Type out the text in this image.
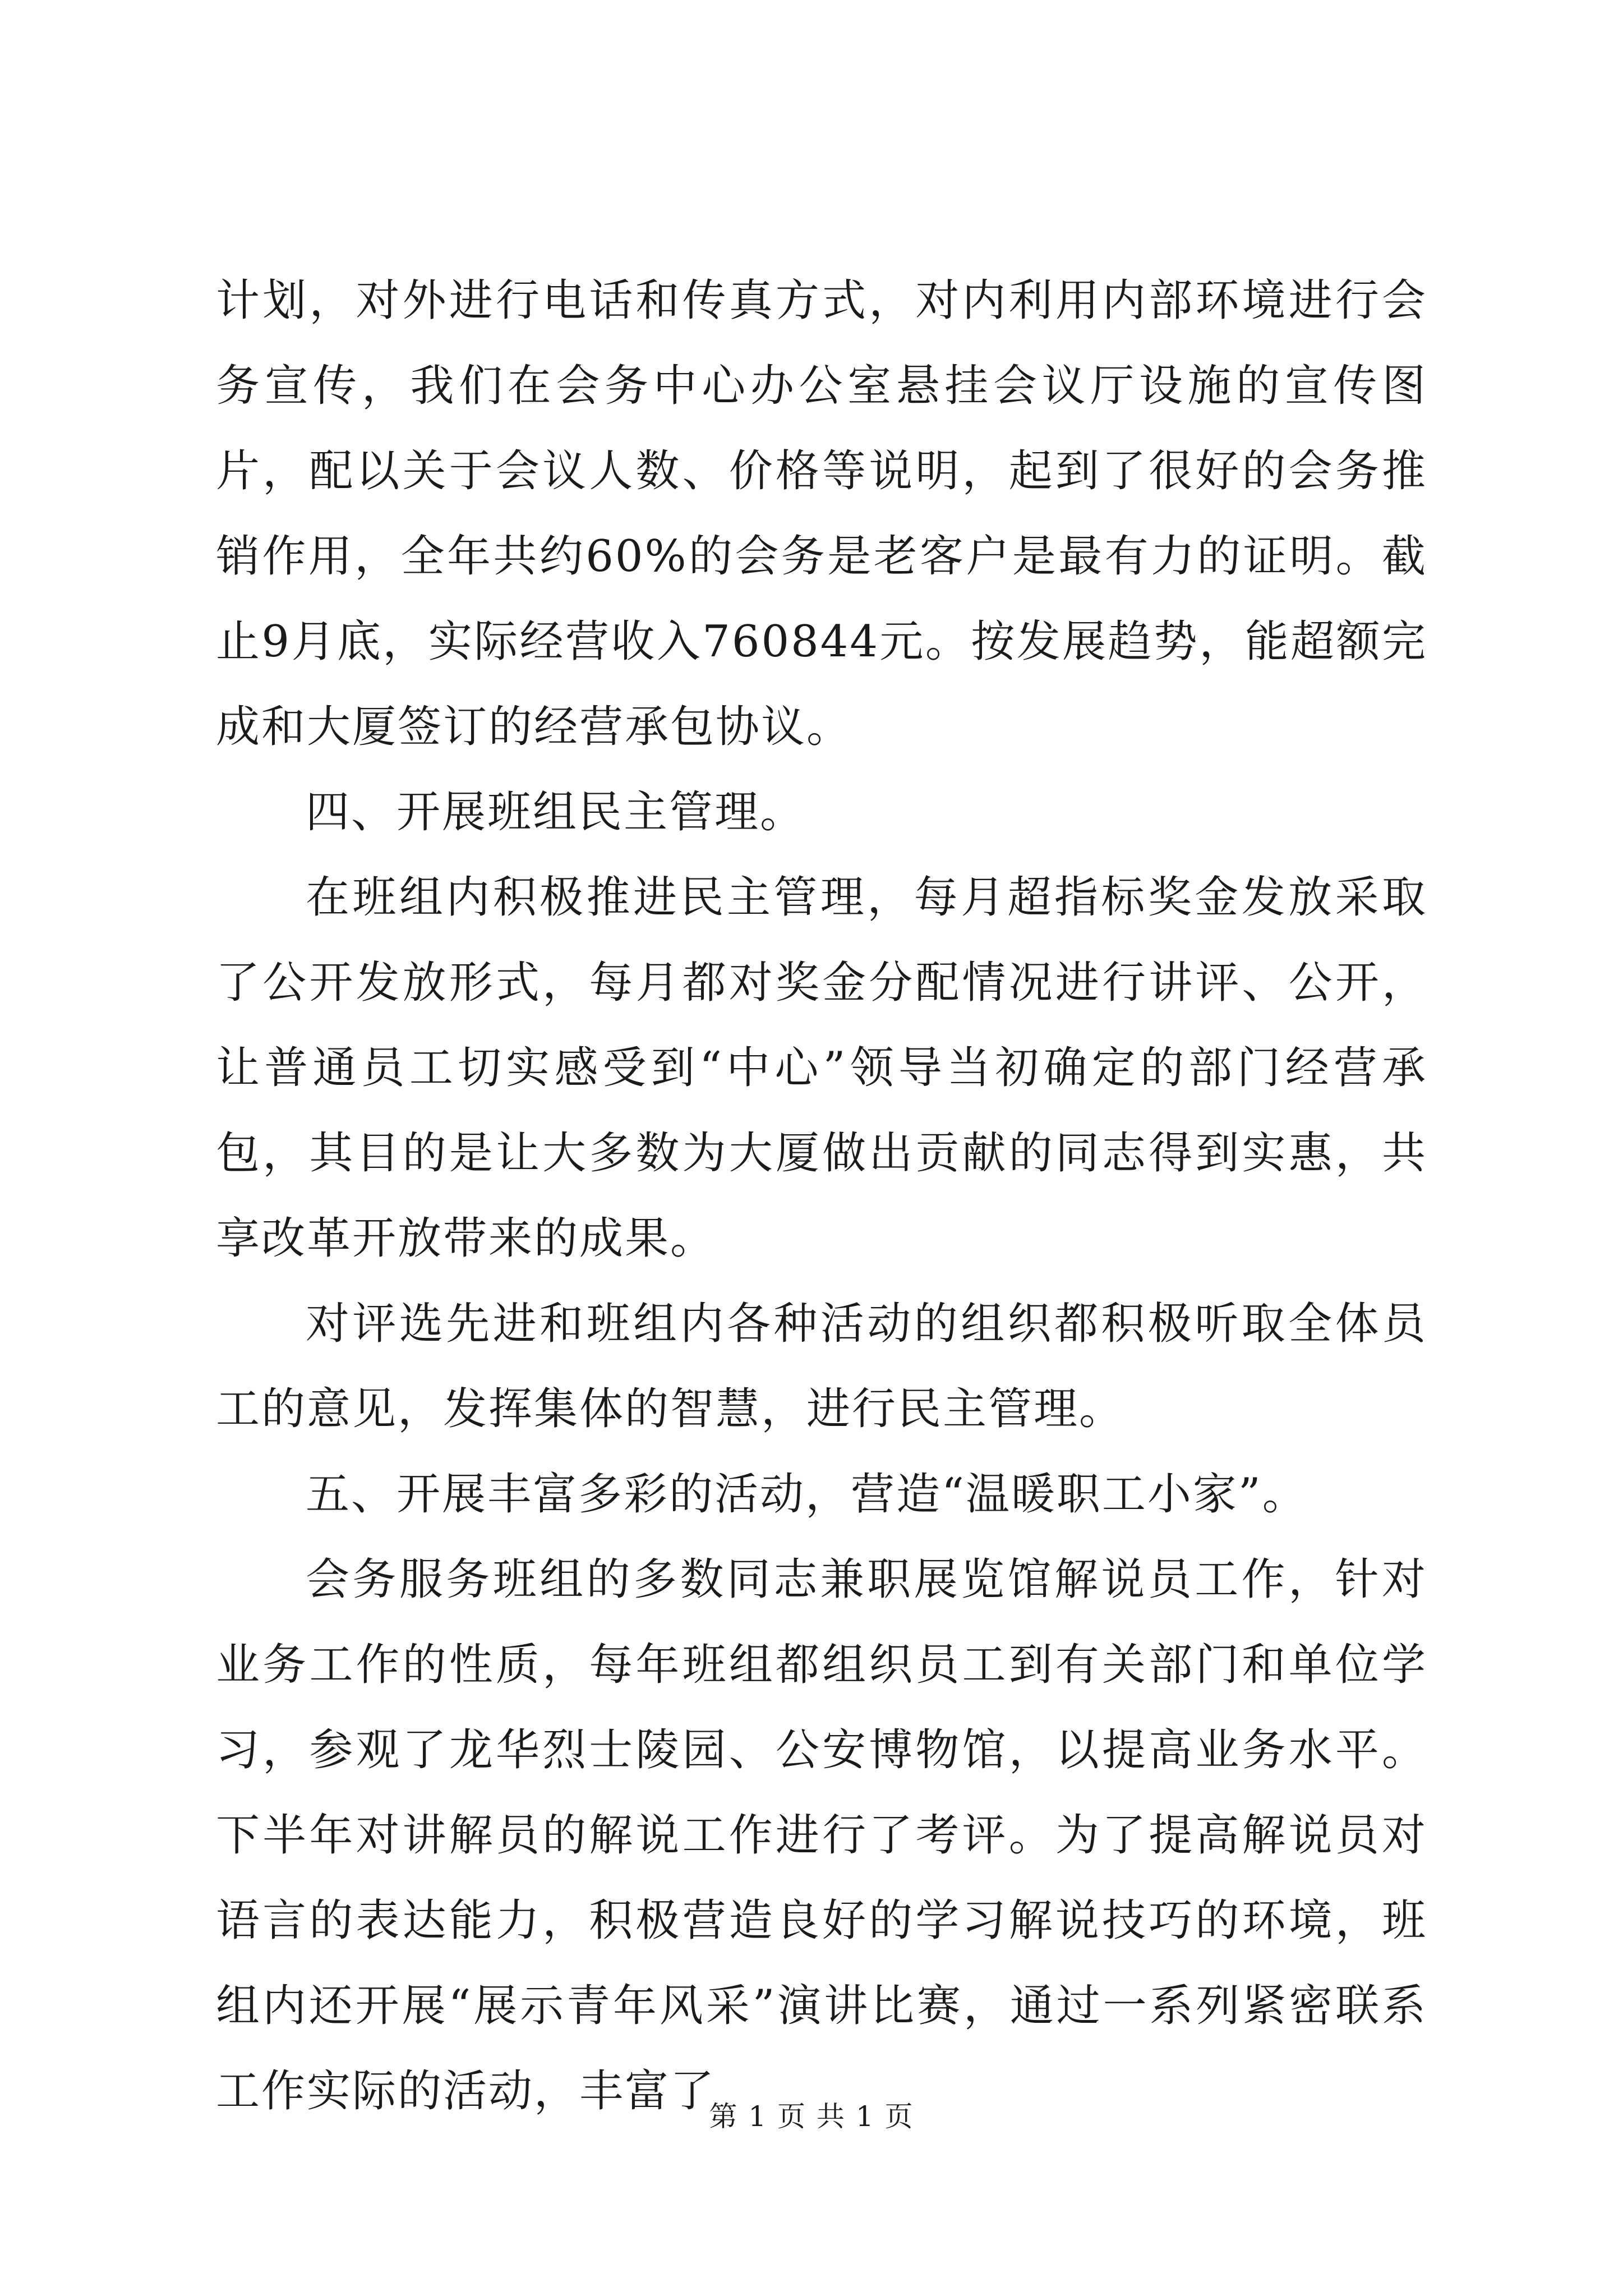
计划，对外进行电话和传真方式，对内利用内部环境进行会务宣传，我们在会务中心办公室悬挂会议厅设施的宣传图片，配以关于会议人数、价格等说明，起到了很好的会务推销作用，全年共约60%的会务是老客户是最有力的证明。截止9月底，实际经营收入760844元。按发展趋势，能超额完成和大厦签订的经营承包协议。

四、开展班组民主管理。

在班组内积极推进民主管理，每月超指标奖金发放采取了公开发放形式，每月都对奖金分配情况进行讲评、公开，让普通员工切实感受到“中心”领导当初确定的部门经营承包，其目的是让大多数为大厦做出贡献的同志得到实惠，共享改革开放带来的成果。

对评选先进和班组内各种活动的组织都积极听取全体员工的意见，发挥集体的智慧，进行民主管理。

五、开展丰富多彩的活动，营造“温暖职工小家”。

会务服务班组的多数同志兼职展览馆解说员工作，针对业务工作的性质，每年班组都组织员工到有关部门和单位学习，参观了龙华烈士陵园、公安博物馆，以提高业务水平。下半年对讲解员的解说工作进行了考评。为了提高解说员对语言的表达能力，积极营造良好的学习解说技巧的环境，班组内还开展“展示青年风采”演讲比赛，通过一系列紧密联系工作实际的活动，丰富了

第 1 页 共 1 页
